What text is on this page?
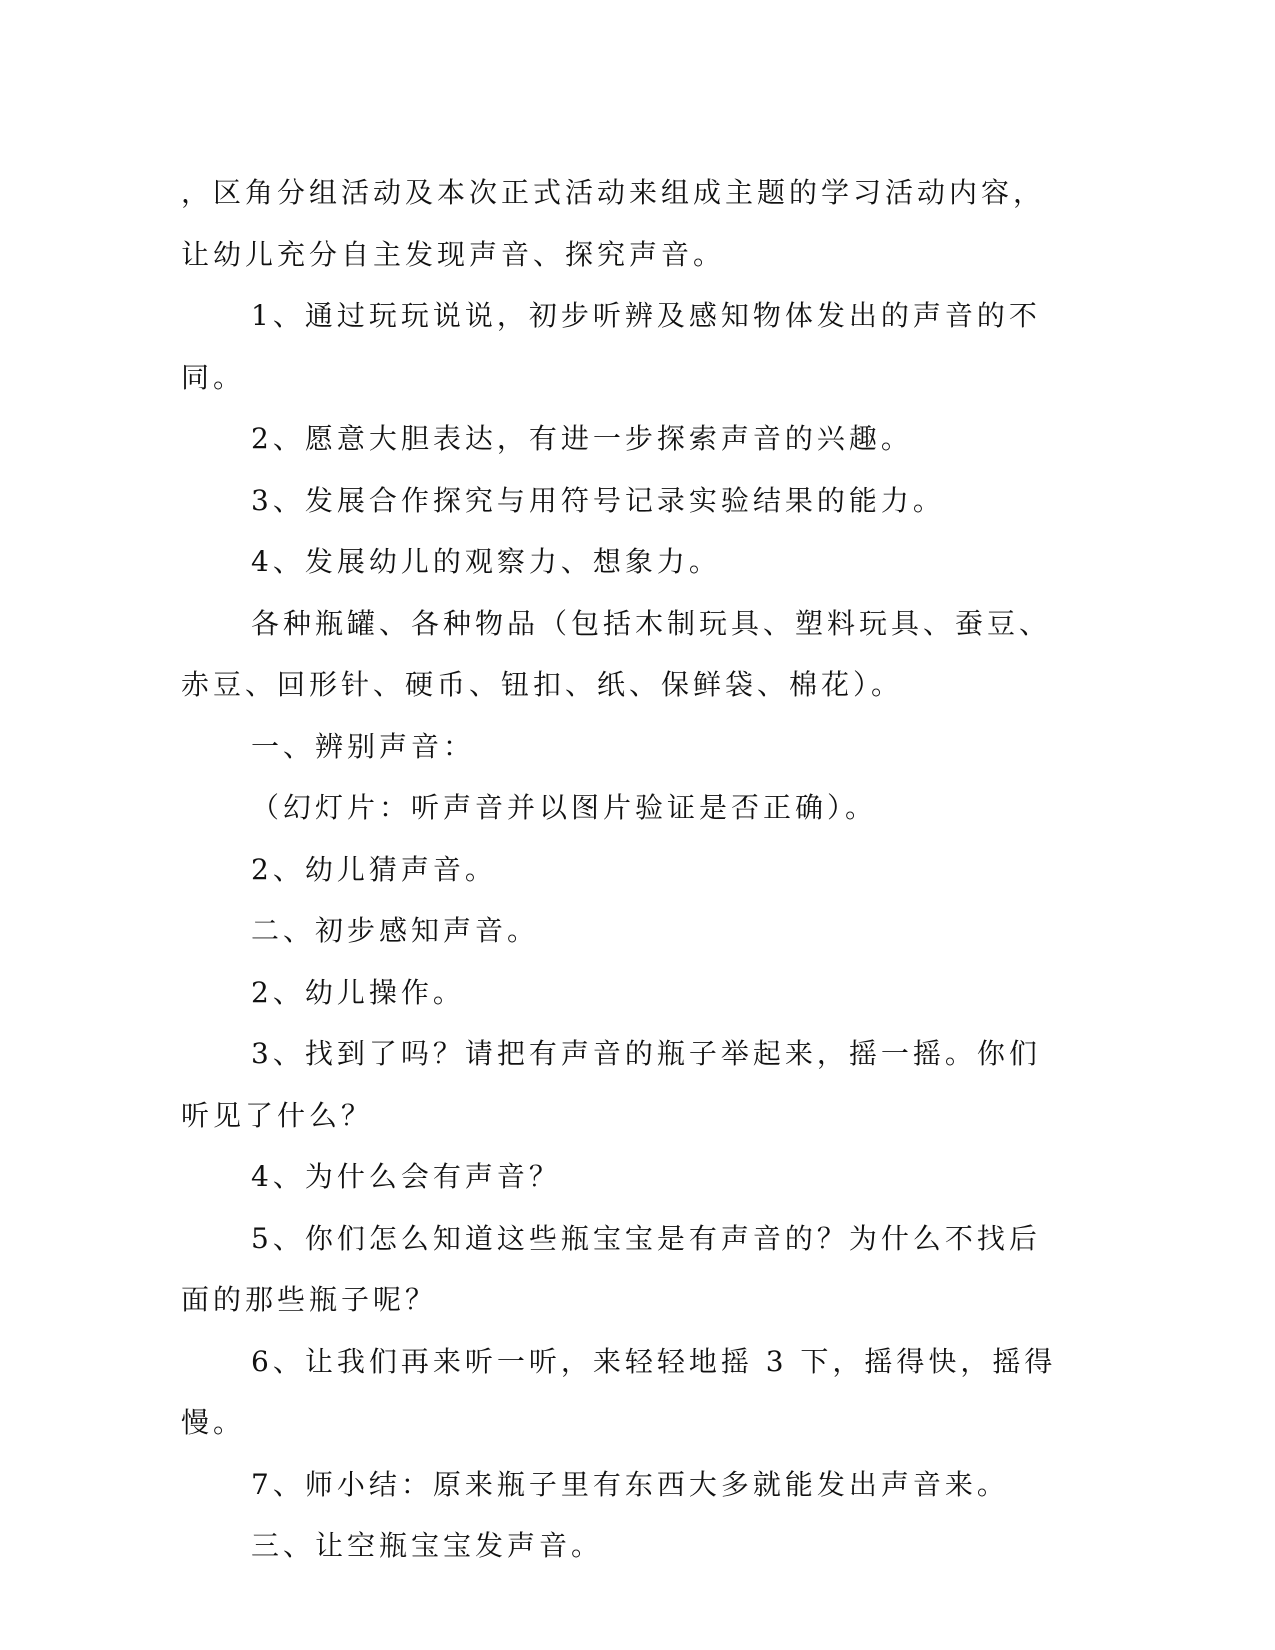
，区角分组活动及本次正式活动来组成主题的学习活动内容，让幼儿充分自主发现声音、探究声音。

1、通过玩玩说说，初步听辨及感知物体发出的声音的不同。

2、愿意大胆表达，有进一步探索声音的兴趣。

3、发展合作探究与用符号记录实验结果的能力。

4、发展幼儿的观察力、想象力。

各种瓶罐、各种物品（包括木制玩具、塑料玩具、蚕豆、赤豆、回形针、硬币、钮扣、纸、保鲜袋、棉花）。

一、辨别声音：

（幻灯片：听声音并以图片验证是否正确）。

2、幼儿猜声音。

二、初步感知声音。

2、幼儿操作。

3、找到了吗？请把有声音的瓶子举起来，摇一摇。你们听见了什么？

4、为什么会有声音？

5、你们怎么知道这些瓶宝宝是有声音的？为什么不找后面的那些瓶子呢？

6、让我们再来听一听，来轻轻地摇 3 下，摇得快，摇得慢。

7、师小结：原来瓶子里有东西大多就能发出声音来。

三、让空瓶宝宝发声音。
